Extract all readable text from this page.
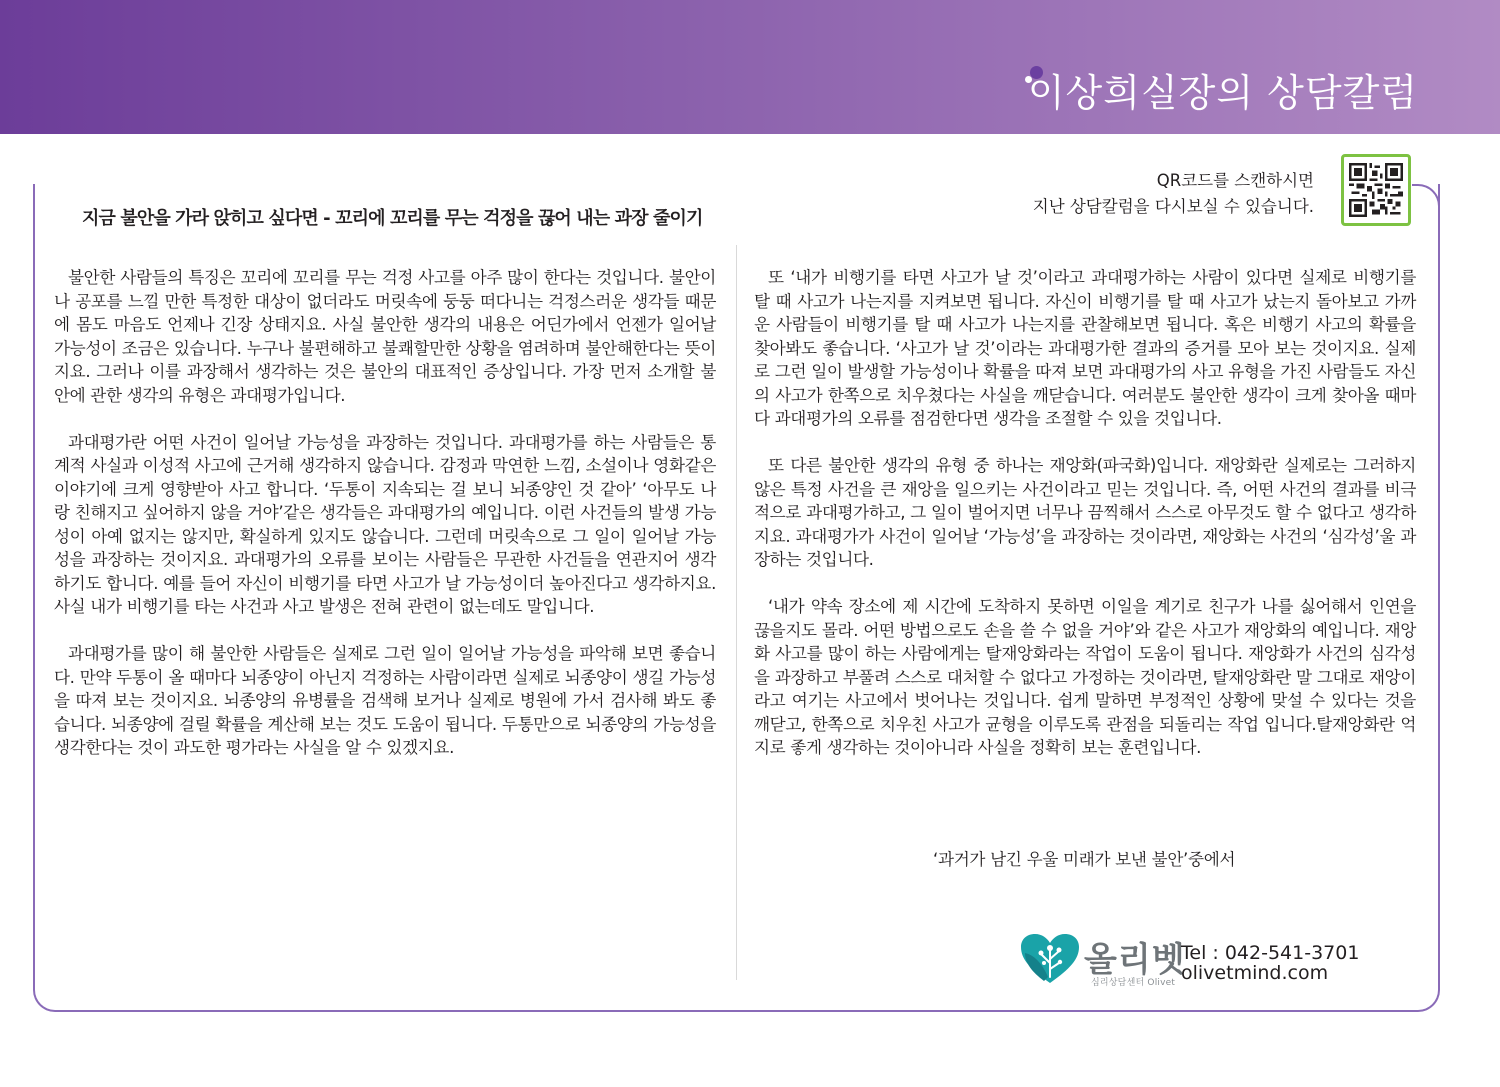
이상희실장의 상담칼럼
QR코드를 스캔하시면
지난 상담칼럼을 다시보실 수 있습니다.
지금 불안을 가라 앉히고 싶다면 - 꼬리에 꼬리를 무는 걱정을 끊어 내는 과장 줄이기

불안한 사람들의 특징은 꼬리에 꼬리를 무는 걱정 사고를 아주 많이 한다는 것입니다. 불안이나 공포를 느낄 만한 특정한 대상이 없더라도 머릿속에 둥둥 떠다니는 걱정스러운 생각들 때문에 몸도 마음도 언제나 긴장 상태지요. 사실 불안한 생각의 내용은 어딘가에서 언젠가 일어날 가능성이 조금은 있습니다. 누구나 불편해하고 불쾌할만한 상황을 염려하며 불안해한다는 뜻이지요. 그러나 이를 과장해서 생각하는 것은 불안의 대표적인 증상입니다. 가장 먼저 소개할 불안에 관한 생각의 유형은 과대평가입니다.

과대평가란 어떤 사건이 일어날 가능성을 과장하는 것입니다. 과대평가를 하는 사람들은 통계적 사실과 이성적 사고에 근거해 생각하지 않습니다. 감정과 막연한 느낌, 소설이나 영화같은 이야기에 크게 영향받아 사고 합니다. ‘두통이 지속되는 걸 보니 뇌종양인 것 같아’ ‘아무도 나랑 친해지고 싶어하지 않을 거야’같은 생각들은 과대평가의 예입니다. 이런 사건들의 발생 가능성이 아예 없지는 않지만, 확실하게 있지도 않습니다. 그런데 머릿속으로 그 일이 일어날 가능성을 과장하는 것이지요. 과대평가의 오류를 보이는 사람들은 무관한 사건들을 연관지어 생각하기도 합니다. 예를 들어 자신이 비행기를 타면 사고가 날 가능성이더 높아진다고 생각하지요. 사실 내가 비행기를 타는 사건과 사고 발생은 전혀 관련이 없는데도 말입니다.

과대평가를 많이 해 불안한 사람들은 실제로 그런 일이 일어날 가능성을 파악해 보면 좋습니다. 만약 두통이 올 때마다 뇌종양이 아닌지 걱정하는 사람이라면 실제로 뇌종양이 생길 가능성을 따져 보는 것이지요. 뇌종양의 유병률을 검색해 보거나 실제로 병원에 가서 검사해 봐도 좋습니다. 뇌종양에 걸릴 확률을 계산해 보는 것도 도움이 됩니다. 두통만으로 뇌종양의 가능성을 생각한다는 것이 과도한 평가라는 사실을 알 수 있겠지요.

또 ‘내가 비행기를 타면 사고가 날 것’이라고 과대평가하는 사람이 있다면 실제로 비행기를 탈 때 사고가 나는지를 지켜보면 됩니다. 자신이 비행기를 탈 때 사고가 났는지 돌아보고 가까운 사람들이 비행기를 탈 때 사고가 나는지를 관찰해보면 됩니다. 혹은 비행기 사고의 확률을 찾아봐도 좋습니다. ‘사고가 날 것’이라는 과대평가한 결과의 증거를 모아 보는 것이지요. 실제로 그런 일이 발생할 가능성이나 확률을 따져 보면 과대평가의 사고 유형을 가진 사람들도 자신의 사고가 한쪽으로 치우쳤다는 사실을 깨닫습니다. 여러분도 불안한 생각이 크게 찾아올 때마다 과대평가의 오류를 점검한다면 생각을 조절할 수 있을 것입니다.

또 다른 불안한 생각의 유형 중 하나는 재앙화(파국화)입니다. 재앙화란 실제로는 그러하지 않은 특정 사건을 큰 재앙을 일으키는 사건이라고 믿는 것입니다. 즉, 어떤 사건의 결과를 비극적으로 과대평가하고, 그 일이 벌어지면 너무나 끔찍해서 스스로 아무것도 할 수 없다고 생각하지요. 과대평가가 사건이 일어날 ‘가능성’을 과장하는 것이라면, 재앙화는 사건의 ‘심각성’울 과장하는 것입니다.

‘내가 약속 장소에 제 시간에 도착하지 못하면 이일을 계기로 친구가 나를 싫어해서 인연을 끊을지도 몰라. 어떤 방법으로도 손을 쓸 수 없을 거야’와 같은 사고가 재앙화의 예입니다. 재앙화 사고를 많이 하는 사람에게는 탈재앙화라는 작업이 도움이 됩니다. 재앙화가 사건의 심각성을 과장하고 부풀려 스스로 대처할 수 없다고 가정하는 것이라면, 탈재앙화란 말 그대로 재앙이라고 여기는 사고에서 벗어나는 것입니다. 쉽게 말하면 부정적인 상황에 맞설 수 있다는 것을 깨닫고, 한쪽으로 치우친 사고가 균형을 이루도록 관점을 되돌리는 작업 입니다.탈재앙화란 억지로 좋게 생각하는 것이아니라 사실을 정확히 보는 훈련입니다.

‘과거가 남긴 우울 미래가 보낸 불안’중에서
올리벳
심리상담센터 Olivet
Tel : 042-541-3701
olivetmind.com
